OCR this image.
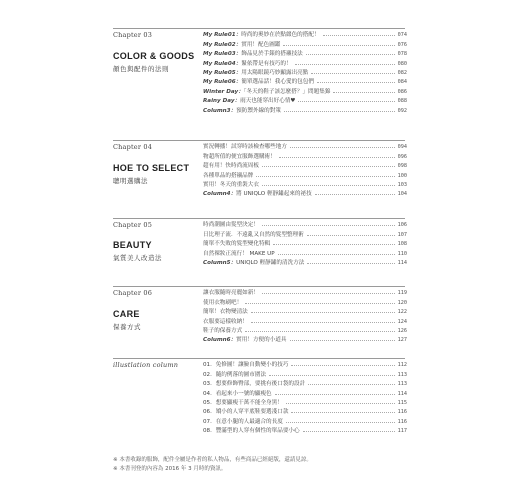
Chapter 03
COLOR & GOODS
顏色與配件的法則
My Rule01：時尚的奧妙在於點綴色的搭配！	074
My Rule02：實用！配色圖鑑	076
My Rule03：飾品見於手錶的搭襯技法	078
My Rule04：緊依帶是有技巧的！	080
My Rule05：用太陽眼鏡巧妙顯露出亮點	082
My Rule06：簡單選品話！我心愛的包包們	084
Winter Day：「冬天的鞋子該怎麼搭？」問題集錦	086
Rainy Day：雨天也能穿出好心情♥	088
Column3：預防禦外線的對策	092
Chapter 04
HOE TO SELECT
聰明選購法
實況轉播！試穿時該檢查哪些地方	094
物超所值的便宜服飾選購術！	096
超有用！快時尚流周板	098
各種單品的搭襯品牌	100
實用！冬天的重裝大衣	103
Column4：將 UNIQLO 輕靜鏽起來的祕技	104
Chapter 05
BEAUTY
氣質美人改造法
時尚潮圖由髮型決定！	106
日比理子流．不遠亂又自然的髮型整理術	107
簡單不失敗的髮型變化特輯	108
自然裸妝正流行！ MAKE UP	110
Column5：UNIQLO 輕靜鏽的清洗方法	114
Chapter 06
CARE
保養方式
讓衣服隨時亮麗如新！	119
使用衣物刷吧！	120
簡單！衣物變清法	122
衣服要這樣收納！	124
鞋子的保養方式	126
Column6：實用！方便的小道具	127
illustlation column	01．免修圖！讓臉自動變小的技巧	112
02．隨約例落的圖市圍法	113
03．想要修飾臀部，要挑有後口袋的設計	113
04．看起來小一號的顯瘦色	114
05．想要顯瘦干萬不能全身黑！	115
06．矯小的人穿平底鞋要選淺口款	116
07．在意小腿的人最適合的長度	116
08．豐滿型的人穿有個性的單品要小心	117
※ 本書收錄的服飾，配件全屬是作者的私人物品，有些商品已經絕版，還請見諒。
※ 本書刊登的內容為 2016 年 3 月時的資訊。
